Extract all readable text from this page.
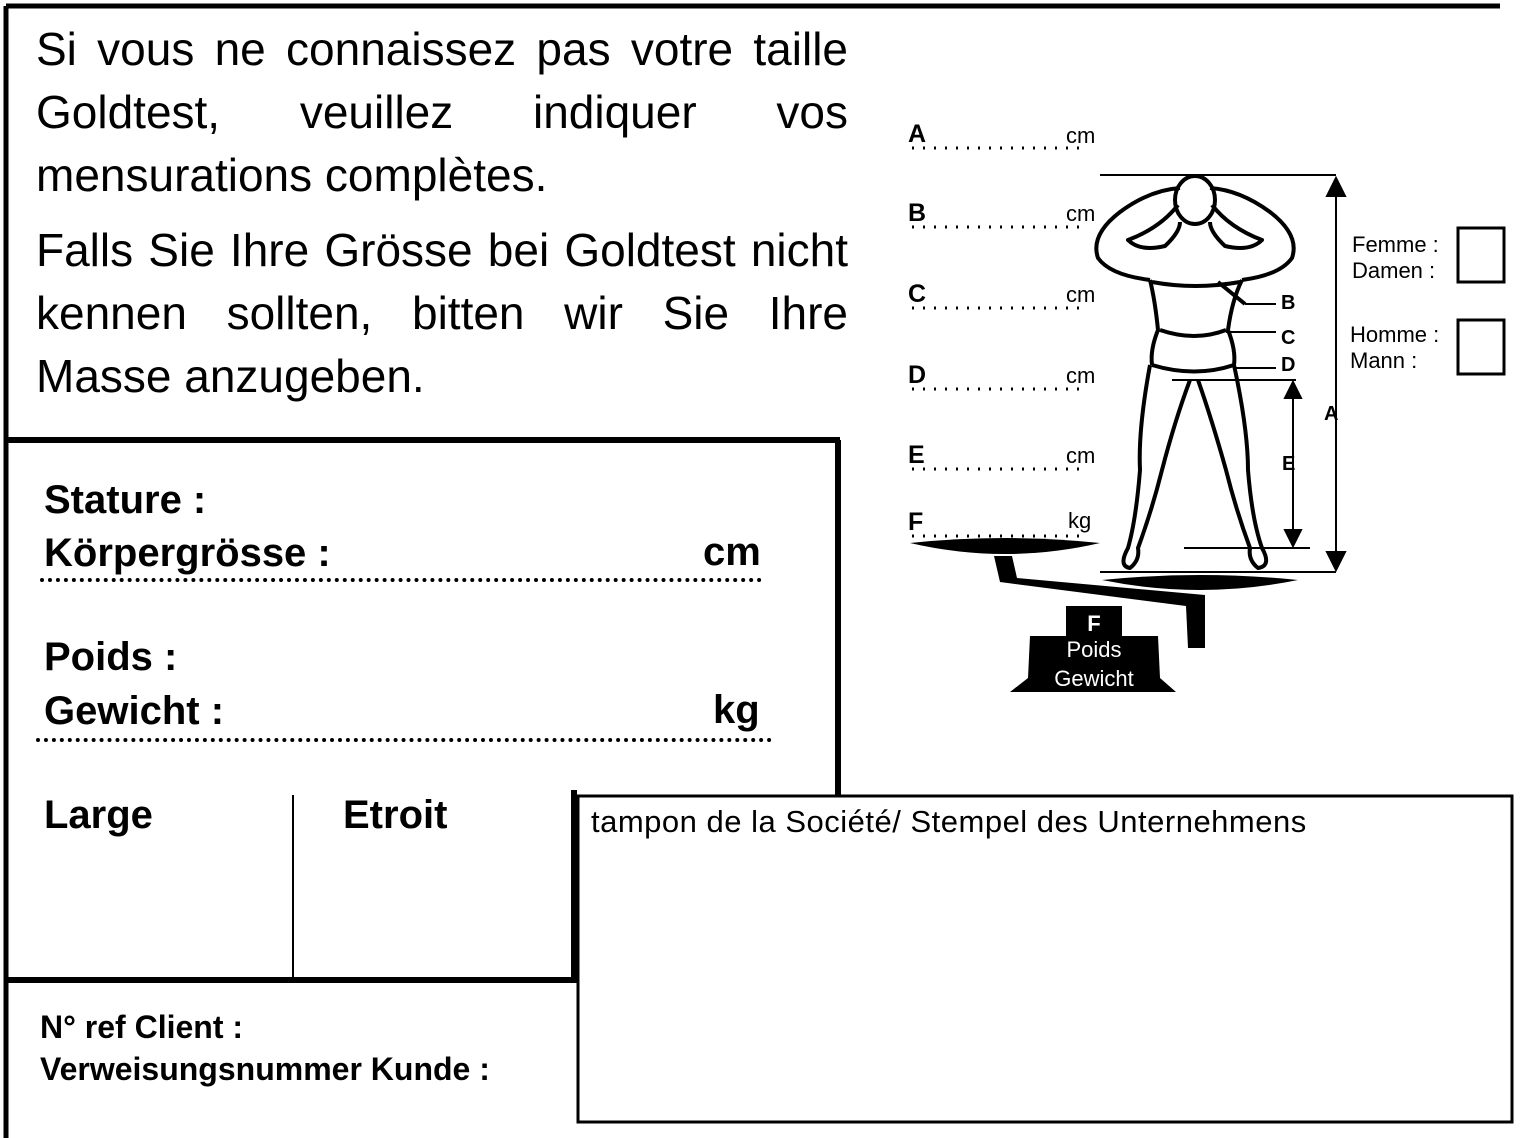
Si vous ne connaissez pas votre taille Goldtest, veuillez indiquer vos mensurations complètes.

Falls Sie Ihre Grösse bei Goldtest nicht kennen sollten, bitten wir Sie Ihre Masse anzugeben.

Stature :
Körpergrösse :	cm
Poids :
Gewicht :	kg
Large	Etroit
N° ref Client :
Verweisungsnummer Kunde :
tampon de la Société/ Stempel des Unternehmens
A	cm
B	cm
C	cm
D	cm
E	cm
F	kg
F
Poids
Gewicht
B
C
D
A
E
Femme :
Damen :
Homme :
Mann :
